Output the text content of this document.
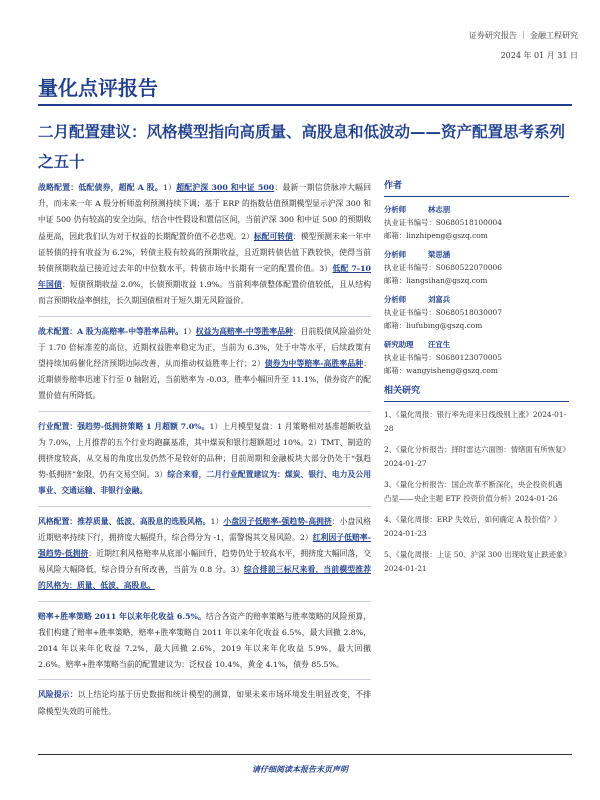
证券研究报告 ｜ 金融工程研究
2024 年 01 月 31 日
量化点评报告
二月配置建议：风格模型指向高质量、高股息和低波动——资产配置思考系列之五十

战略配置：低配债券，超配 A 股。1）超配沪深 300 和中证 500：最新一期信贷脉冲大幅回升，而未来一年 A 股分析师盈利预测持续下调；基于 ERP 的指数估值预期模型显示沪深 300 和中证 500 仍有较高的安全边际，结合中性假设和置信区间，当前沪深 300 和中证 500 的预期收益更高，因此我们认为对于权益的长期配置价值不必悲观。2）标配可转债：模型预测未来一年中证转债的持有收益为 6.2%，转债主股有较高的预期收益，且近期转债估值下跌较快，使得当前转债预期收益已接近过去年的中位数水平，转债市场中长期有一定的配置价值。3）低配 7-10 年国债：短债预期收益 2.0%，长债预期收益 1.9%。当前利率债整体配置价值较低，且从结构而言预期收益率倒挂，长久期国债相对于短久期无风险溢价。

战术配置：A 股为高赔率-中等胜率品种。1）权益为高赔率-中等胜率品种：目前股债风险溢价处于 1.70 倍标准差的高位，近期权益胜率稳定为正，当前为 6.3%，处于中等水平，后续政策有望持续加码催化经济预期边际改善，从而推动权益胜率上行；2）债券为中等赔率-高胜率品种：近期债券赔率迅速下行至 0 轴附近，当前赔率为 -0.03，胜率小幅回升至 11.1%，债券资产的配置价值有所降低。

行业配置：强趋势-低拥挤策略 1 月超额 7.0%。1）上月模型复盘：1 月策略相对基准超额收益为 7.0%，上月推荐的五个行业均跑赢基准，其中煤炭和银行超额超过 10%。2）TMT、制造的拥挤度较高，从交易的角度出发仍然不是较好的品种；目前周期和金融板块大部分仍处于“强趋势-低拥挤”象限，仍有交易空间。3）综合来看，二月行业配置建议为：煤炭、银行、电力及公用事业、交通运输、非银行金融。

风格配置：推荐质量、低波、高股息的选股风格。1）小盘因子低赔率-强趋势-高拥挤：小盘风格近期赔率持续下行，拥挤度大幅提升，综合得分为 -1，需警惕其交易风险。2）红利因子低赔率-强趋势-低拥挤：近期红利风格赔率从底部小幅回升，趋势仍处于较高水平，拥挤度大幅回落，交易风险大幅降低，综合得分有所改善，当前为 0.8 分。3）综合排前三标尺来看，当前模型推荐的风格为：质量、低波、高股息。

赔率+胜率策略 2011 年以来年化收益 6.5%。结合各资产的赔率策略与胜率策略的风险预算，我们构建了赔率+胜率策略，赔率+胜率策略自 2011 年以来年化收益 6.5%，最大回撤 2.8%，2014 年以来年化收益 7.2%，最大回撤 2.6%，2019 年以来年化收益 5.9%，最大回撤 2.6%。赔率+胜率策略当前的配置建议为：泛权益 10.4%，黄金 4.1%，债券 85.5%。

风险提示：以上结论均基于历史数据和统计模型的测算，如果未来市场环境发生明显改变，不排除模型失效的可能性。

作者
分析师	林志朋
执业证书编号：S0680518100004
邮箱：linzhipeng@gszq.com
分析师	梁思涵
执业证书编号：S0680522070006
邮箱：liangsihan@gszq.com
分析师	刘富兵
执业证书编号：S0680518030007
邮箱：liufubing@gszq.com
研究助理	汪宜生
执业证书编号：S0680123070005
邮箱：wangyisheng@gszq.com
相关研究
1、《量化周报：银行率先迎来日线级别上涨》2024-01-28
2、《量化分析报告：择时雷达六面图：情绪面有所恢复》2024-01-27
3、《量化分析报告：国企改革不断深化，央企投资机遇凸显——央企主题 ETF 投资价值分析》2024-01-26
4、《量化周报：ERP 失效后，如何确定 A 股价值？》2024-01-23
5、《量化周报：上证 50、沪深 300 出现收复止跌迹象》2024-01-21
请仔细阅读本报告末页声明
